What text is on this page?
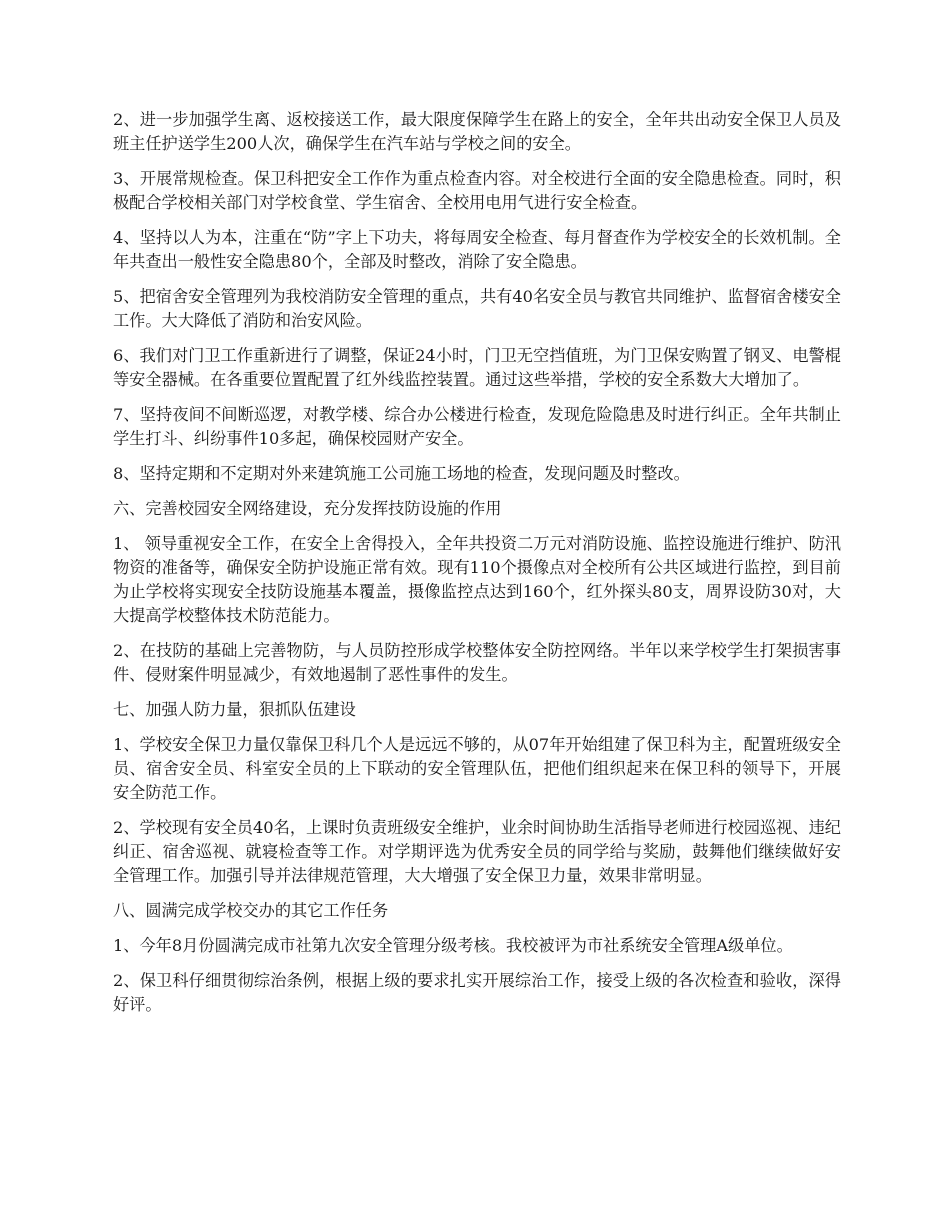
2、进一步加强学生离、返校接送工作，最大限度保障学生在路上的安全，全年共出动安全保卫人员及班主任护送学生200人次，确保学生在汽车站与学校之间的安全。

3、开展常规检查。保卫科把安全工作作为重点检查内容。对全校进行全面的安全隐患检查。同时，积极配合学校相关部门对学校食堂、学生宿舍、全校用电用气进行安全检查。

4、坚持以人为本，注重在“防”字上下功夫，将每周安全检查、每月督查作为学校安全的长效机制。全年共查出一般性安全隐患80个，全部及时整改，消除了安全隐患。

5、把宿舍安全管理列为我校消防安全管理的重点，共有40名安全员与教官共同维护、监督宿舍楼安全工作。大大降低了消防和治安风险。

6、我们对门卫工作重新进行了调整，保证24小时，门卫无空挡值班，为门卫保安购置了钢叉、电警棍等安全器械。在各重要位置配置了红外线监控装置。通过这些举措，学校的安全系数大大增加了。

7、坚持夜间不间断巡逻，对教学楼、综合办公楼进行检查，发现危险隐患及时进行纠正。全年共制止学生打斗、纠纷事件10多起，确保校园财产安全。

8、坚持定期和不定期对外来建筑施工公司施工场地的检查，发现问题及时整改。

六、完善校园安全网络建设，充分发挥技防设施的作用

1、 领导重视安全工作，在安全上舍得投入，全年共投资二万元对消防设施、监控设施进行维护、防汛物资的准备等，确保安全防护设施正常有效。现有110个摄像点对全校所有公共区域进行监控，到目前为止学校将实现安全技防设施基本覆盖，摄像监控点达到160个，红外探头80支，周界设防30对，大大提高学校整体技术防范能力。

2、在技防的基础上完善物防，与人员防控形成学校整体安全防控网络。半年以来学校学生打架损害事件、侵财案件明显减少，有效地遏制了恶性事件的发生。

七、加强人防力量，狠抓队伍建设

1、学校安全保卫力量仅靠保卫科几个人是远远不够的，从07年开始组建了保卫科为主，配置班级安全员、宿舍安全员、科室安全员的上下联动的安全管理队伍，把他们组织起来在保卫科的领导下，开展安全防范工作。

2、学校现有安全员40名，上课时负责班级安全维护，业余时间协助生活指导老师进行校园巡视、违纪纠正、宿舍巡视、就寝检查等工作。对学期评选为优秀安全员的同学给与奖励，鼓舞他们继续做好安全管理工作。加强引导并法律规范管理，大大增强了安全保卫力量，效果非常明显。

八、圆满完成学校交办的其它工作任务

1、今年8月份圆满完成市社第九次安全管理分级考核。我校被评为市社系统安全管理A级单位。

2、保卫科仔细贯彻综治条例，根据上级的要求扎实开展综治工作，接受上级的各次检查和验收，深得好评。
